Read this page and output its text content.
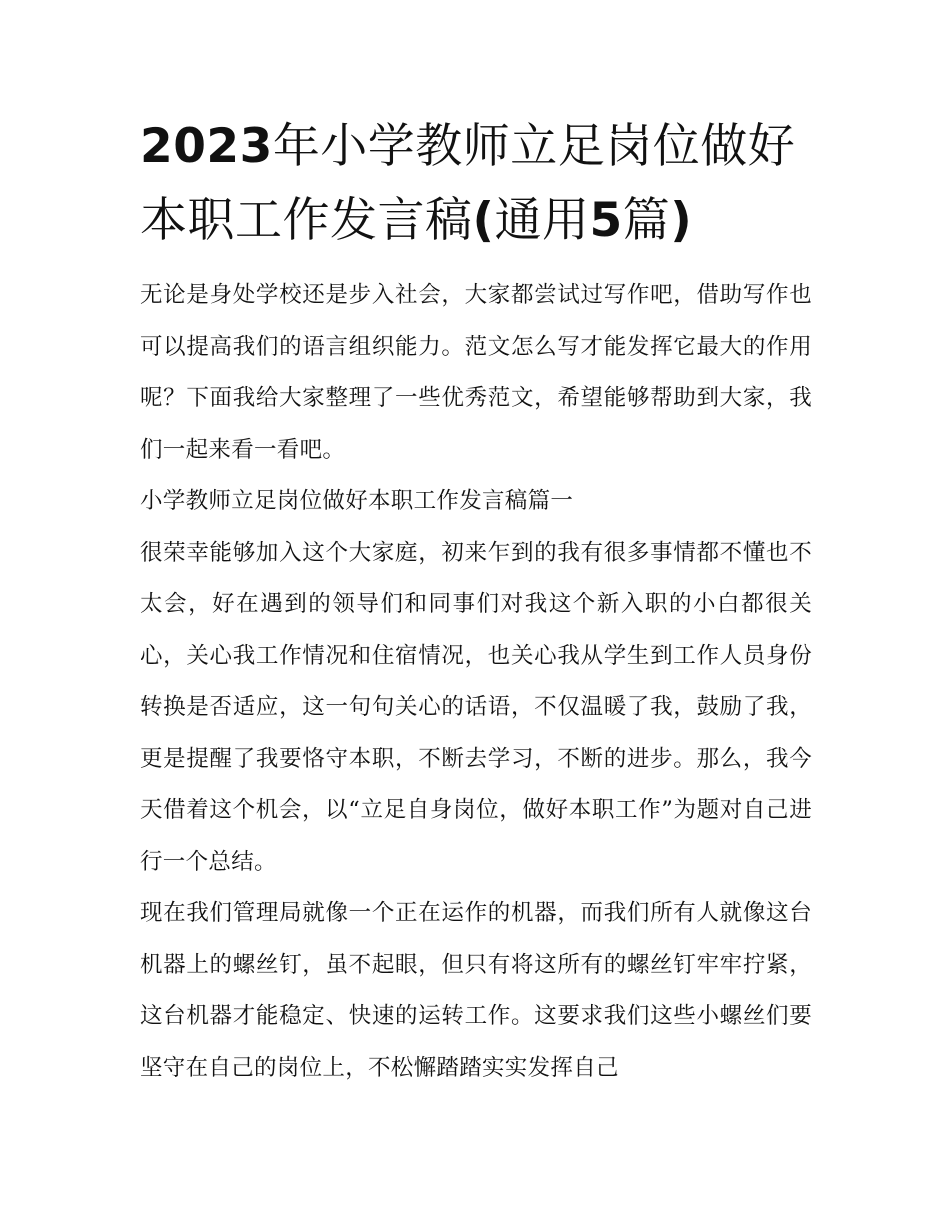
2023年小学教师立足岗位做好
本职工作发言稿(通用5篇)

无论是身处学校还是步入社会，大家都尝试过写作吧，借助写作也可以提高我们的语言组织能力。范文怎么写才能发挥它最大的作用呢？下面我给大家整理了一些优秀范文，希望能够帮助到大家，我们一起来看一看吧。

小学教师立足岗位做好本职工作发言稿篇一

很荣幸能够加入这个大家庭，初来乍到的我有很多事情都不懂也不太会，好在遇到的领导们和同事们对我这个新入职的小白都很关心，关心我工作情况和住宿情况，也关心我从学生到工作人员身份转换是否适应，这一句句关心的话语，不仅温暖了我，鼓励了我，更是提醒了我要恪守本职，不断去学习，不断的进步。那么，我今天借着这个机会，以“立足自身岗位，做好本职工作”为题对自己进行一个总结。

现在我们管理局就像一个正在运作的机器，而我们所有人就像这台机器上的螺丝钉，虽不起眼，但只有将这所有的螺丝钉牢牢拧紧，这台机器才能稳定、快速的运转工作。这要求我们这些小螺丝们要坚守在自己的岗位上，不松懈踏踏实实发挥自己
